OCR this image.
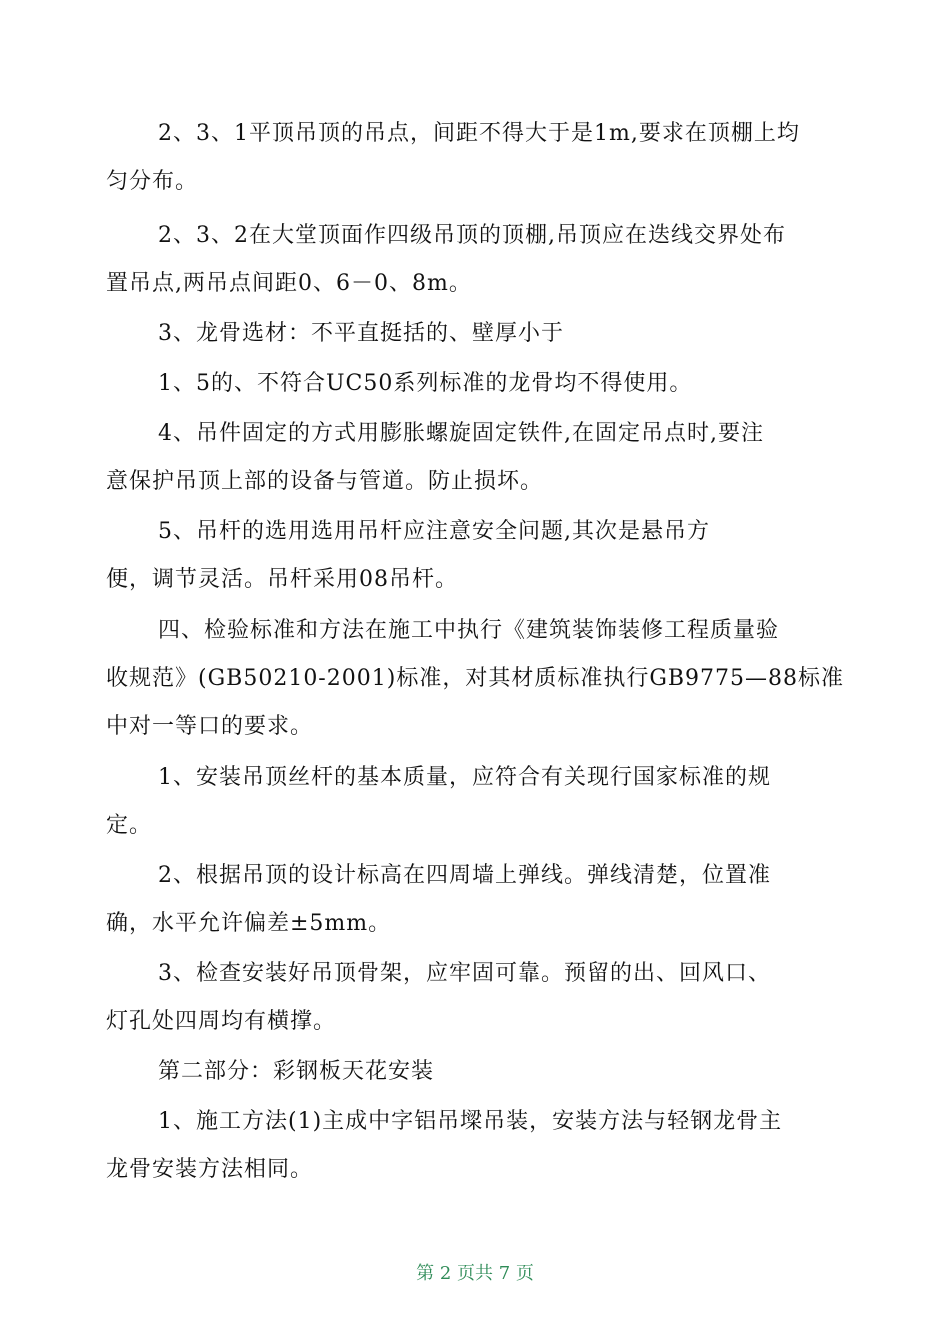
2、3、1平顶吊顶的吊点，间距不得大于是1m,要求在顶棚上均
匀分布。
2、3、2在大堂顶面作四级吊顶的顶棚,吊顶应在迭线交界处布
置吊点,两吊点间距0、6－0、8m。
3、龙骨选材：不平直挺括的、壁厚小于
1、5的、不符合UC50系列标准的龙骨均不得使用。
4、吊件固定的方式用膨胀螺旋固定铁件,在固定吊点时,要注
意保护吊顶上部的设备与管道。防止损坏。
5、吊杆的选用选用吊杆应注意安全问题,其次是悬吊方
便，调节灵活。吊杆采用08吊杆。
四、检验标准和方法在施工中执行《建筑装饰装修工程质量验
收规范》(GB50210-2001)标准，对其材质标准执行GB9775—88标准
中对一等口的要求。
1、安装吊顶丝杆的基本质量，应符合有关现行国家标准的规
定。
2、根据吊顶的设计标高在四周墙上弹线。弹线清楚，位置准
确，水平允许偏差±5mm。
3、检查安装好吊顶骨架，应牢固可靠。预留的出、回风口、
灯孔处四周均有横撑。
第二部分：彩钢板天花安装
1、施工方法(1)主成中字铝吊墚吊装，安装方法与轻钢龙骨主
龙骨安装方法相同。
第 2 页共 7 页
